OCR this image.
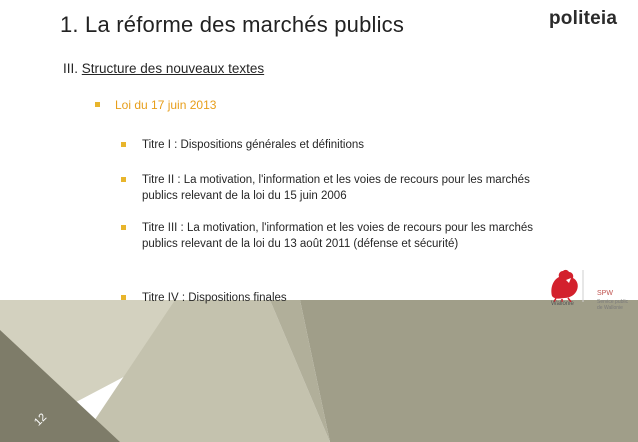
1. La réforme des marchés publics	politeia
III. Structure des nouveaux textes
Loi du 17 juin 2013
Titre I : Dispositions générales et définitions
Titre II : La motivation, l'information et les voies de recours pour les marchés publics relevant de la loi du 15 juin 2006
Titre III : La motivation, l'information et les voies de recours pour les marchés publics relevant de la loi du 13 août 2011 (défense et sécurité)
Titre IV : Dispositions finales	Wallonie
SPW
Service public
de Wallonie
12
